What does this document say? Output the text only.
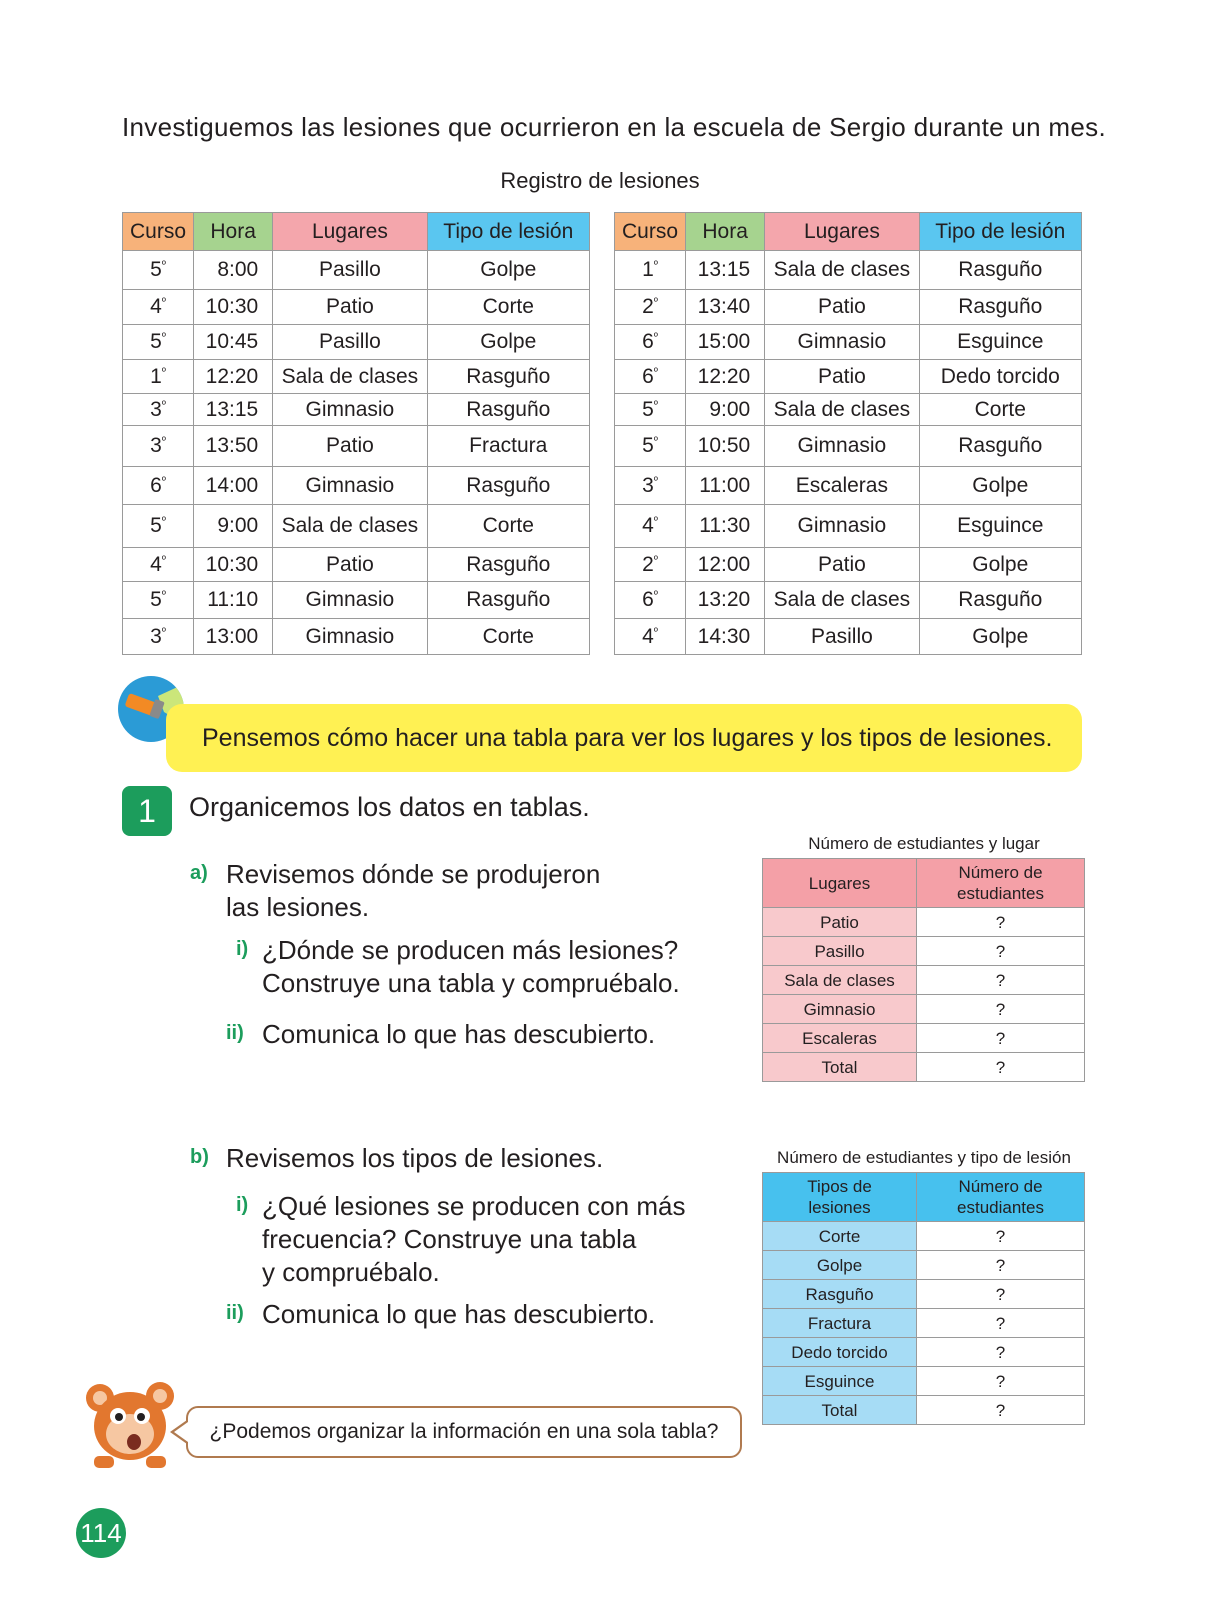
Investiguemos las lesiones que ocurrieron en la escuela de Sergio durante un mes.
Registro de lesiones
Curso	Hora	Lugares	Tipo de lesión
$5^º$	8:00	Pasillo	Golpe
$4^º$	10:30	Patio	Corte
$5^º$	10:45	Pasillo	Golpe
$1^º$	12:20	Sala de clases	Rasguño
$3^º$	13:15	Gimnasio	Rasguño
$3^º$	13:50	Patio	Fractura
$6^º$	14:00	Gimnasio	Rasguño
$5^º$	9:00	Sala de clases	Corte
$4^º$	10:30	Patio	Rasguño
$5^º$	11:10	Gimnasio	Rasguño
$3^º$	13:00	Gimnasio	Corte
Curso	Hora	Lugares	Tipo de lesión
$1^º$	13:15	Sala de clases	Rasguño
$2^º$	13:40	Patio	Rasguño
$6^º$	15:00	Gimnasio	Esguince
$6^º$	12:20	Patio	Dedo torcido
$5^º$	9:00	Sala de clases	Corte
$5^º$	10:50	Gimnasio	Rasguño
$3^º$	11:00	Escaleras	Golpe
$4^º$	11:30	Gimnasio	Esguince
$2^º$	12:00	Patio	Golpe
$6^º$	13:20	Sala de clases	Rasguño
$4^º$	14:30	Pasillo	Golpe
Pensemos cómo hacer una tabla para ver los lugares y los tipos de lesiones.
1	Organicemos los datos en tablas.
a) Revisemos dónde se produjeron
las lesiones.
i) ¿Dónde se producen más lesiones?
Construye una tabla y compruébalo.
ii) Comunica lo que has descubierto.
b) Revisemos los tipos de lesiones.
i) ¿Qué lesiones se producen con más
frecuencia? Construye una tabla
y compruébalo.
ii) Comunica lo que has descubierto.
Número de estudiantes y lugar
Lugares	Número de
estudiantes
Patio	?
Pasillo	?
Sala de clases	?
Gimnasio	?
Escaleras	?
Total	?
Número de estudiantes y tipo de lesión
Tipos de
lesiones	Número de
estudiantes
Corte	?
Golpe	?
Rasguño	?
Fractura	?
Dedo torcido	?
Esguince	?
Total	?
¿Podemos organizar la información en una sola tabla?
114
